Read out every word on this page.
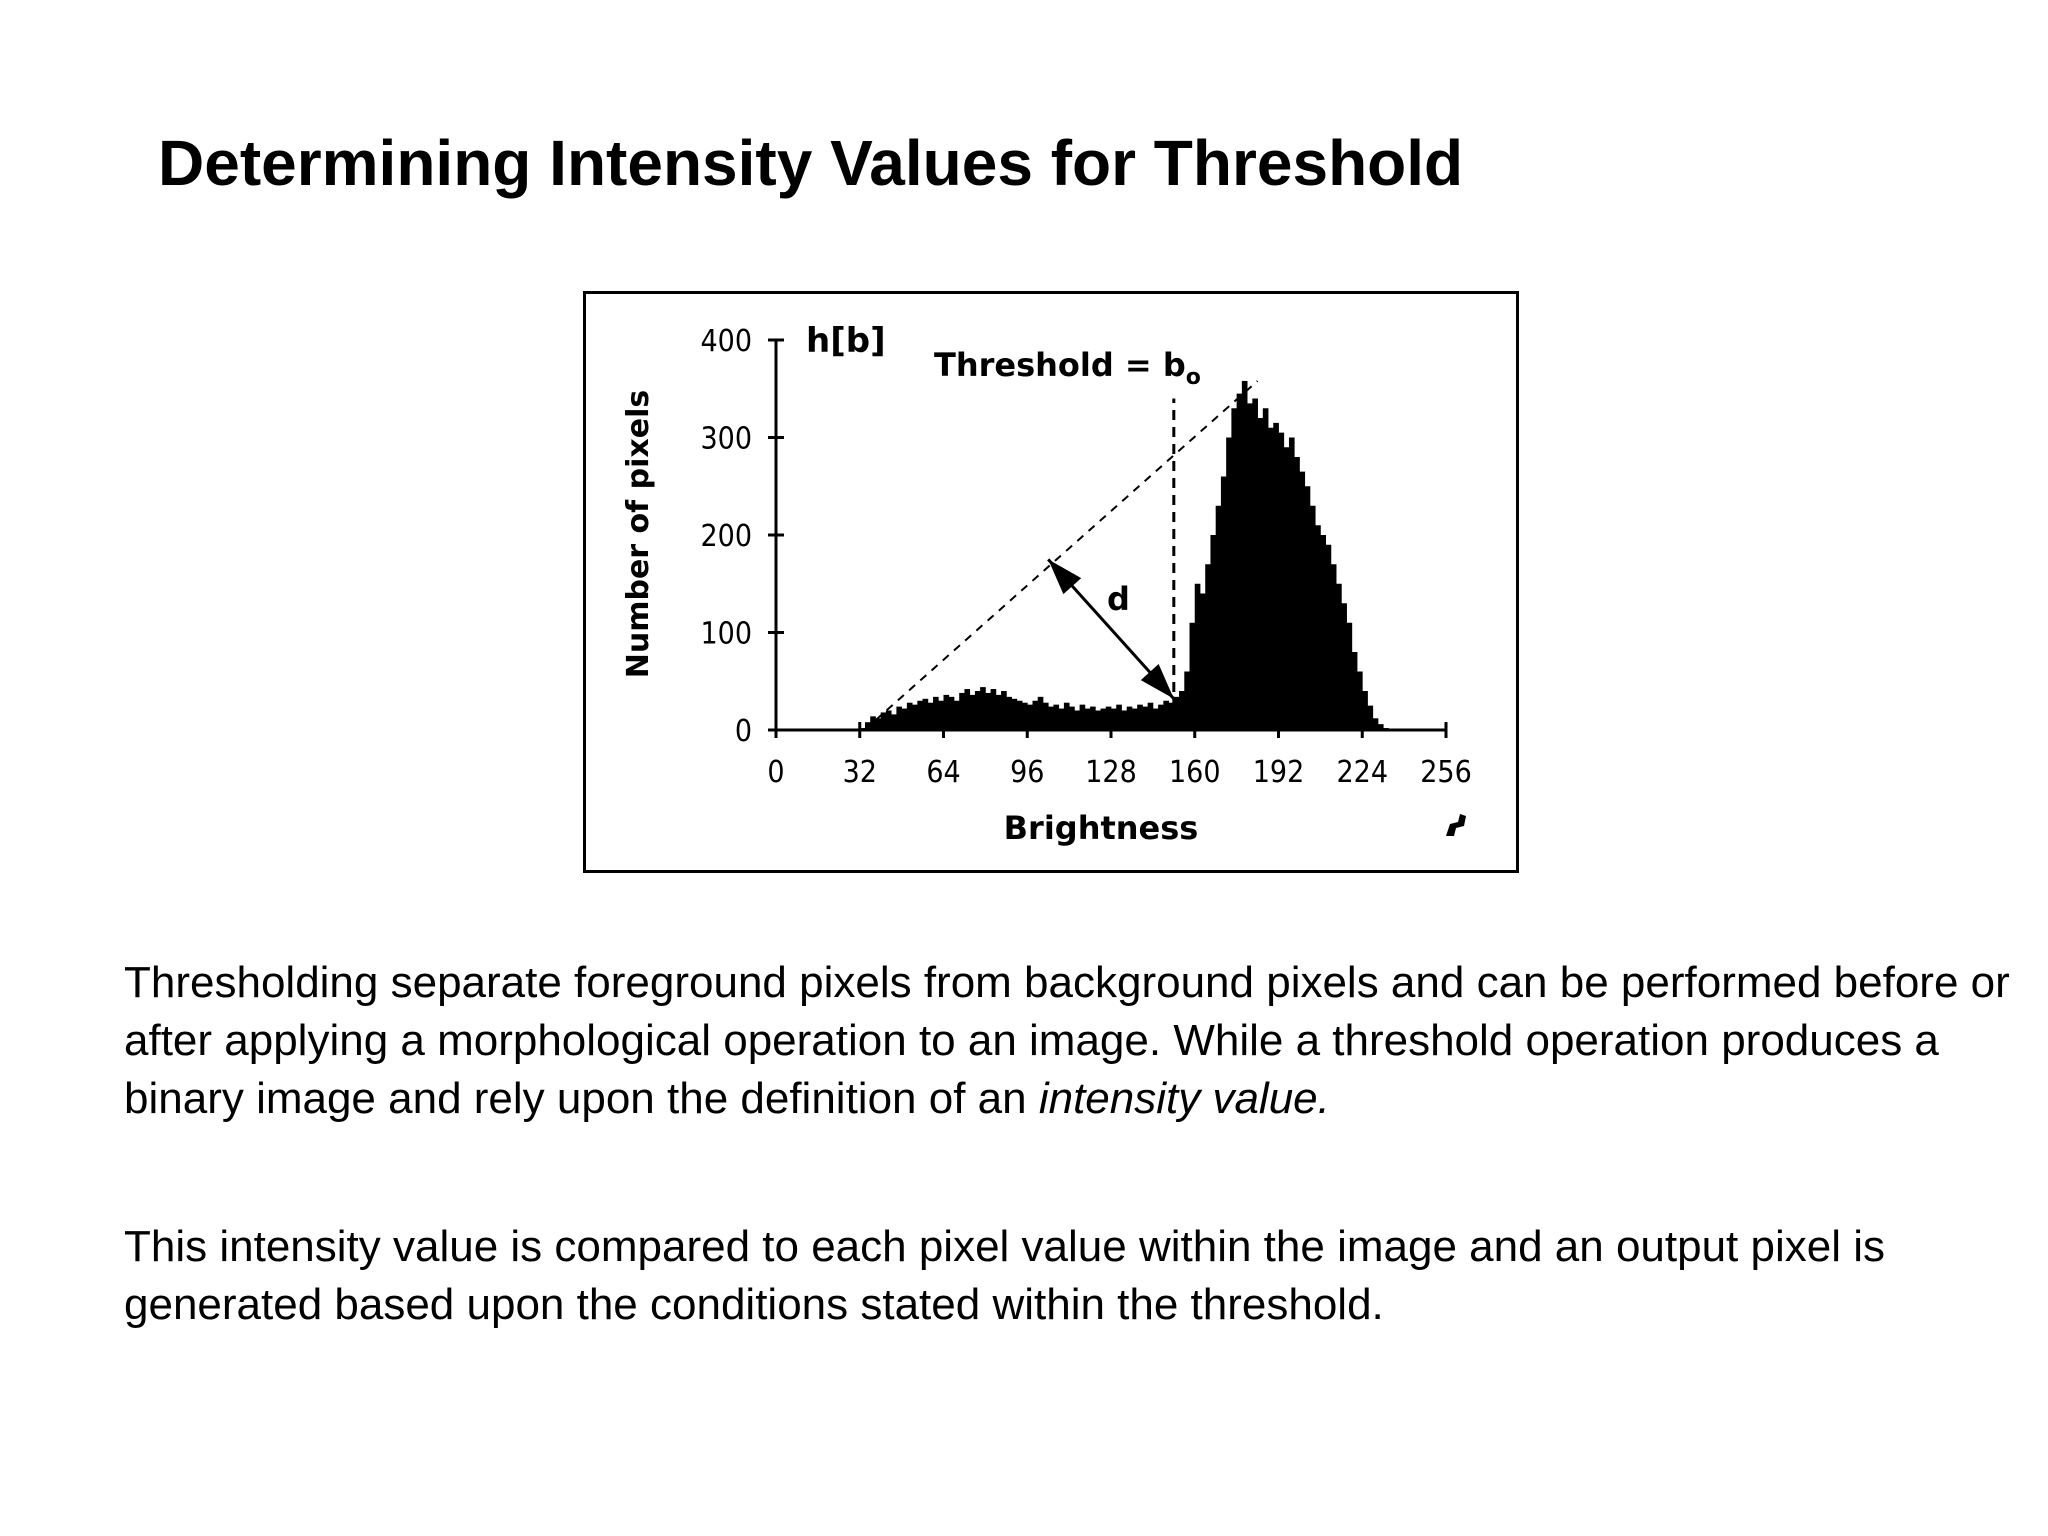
Determining Intensity Values for Threshold
0 32 64 96 128 160 192 224 256
0
100
200
300
400 h[b]
Threshold = $b_o$
d
Brightness
Number of pixels

Thresholding separate foreground pixels from background pixels and can be performed before or after applying a morphological operation to an image. While a threshold operation produces a binary image and rely upon the definition of an intensity value.

This intensity value is compared to each pixel value within the image and an output pixel is generated based upon the conditions stated within the threshold.
